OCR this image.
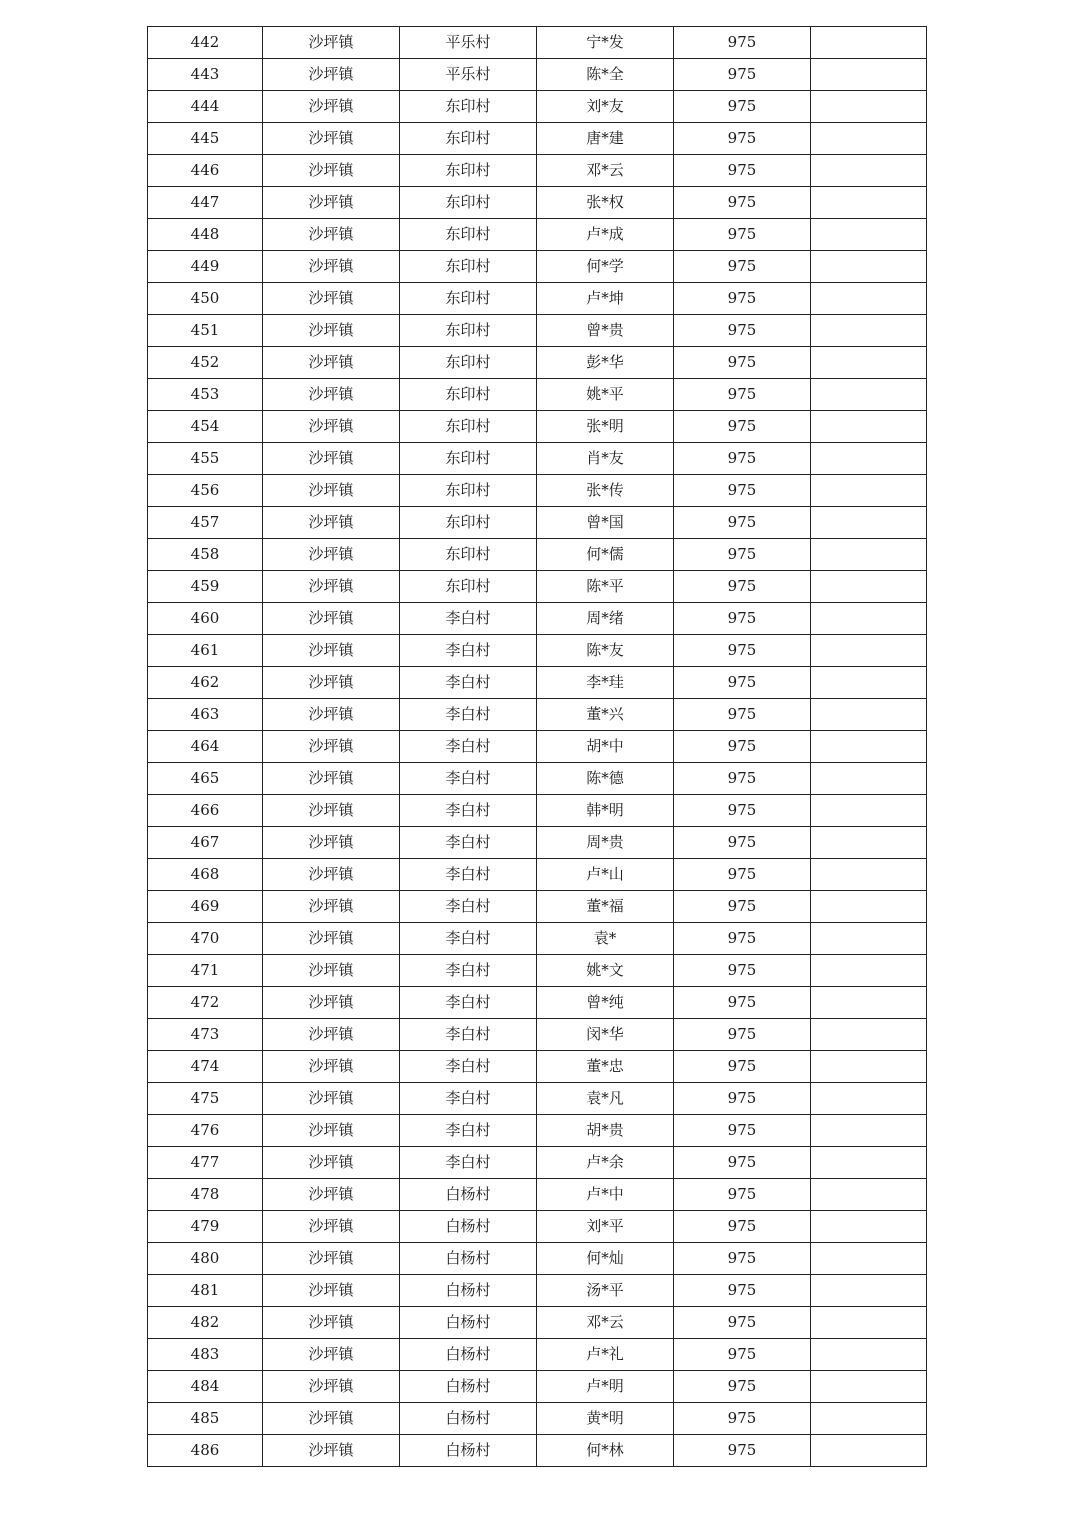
442	沙坪镇	平乐村	宁*发	975	
443	沙坪镇	平乐村	陈*全	975	
444	沙坪镇	东印村	刘*友	975	
445	沙坪镇	东印村	唐*建	975	
446	沙坪镇	东印村	邓*云	975	
447	沙坪镇	东印村	张*权	975	
448	沙坪镇	东印村	卢*成	975	
449	沙坪镇	东印村	何*学	975	
450	沙坪镇	东印村	卢*坤	975	
451	沙坪镇	东印村	曾*贵	975	
452	沙坪镇	东印村	彭*华	975	
453	沙坪镇	东印村	姚*平	975	
454	沙坪镇	东印村	张*明	975	
455	沙坪镇	东印村	肖*友	975	
456	沙坪镇	东印村	张*传	975	
457	沙坪镇	东印村	曾*国	975	
458	沙坪镇	东印村	何*儒	975	
459	沙坪镇	东印村	陈*平	975	
460	沙坪镇	李白村	周*绪	975	
461	沙坪镇	李白村	陈*友	975	
462	沙坪镇	李白村	李*珪	975	
463	沙坪镇	李白村	董*兴	975	
464	沙坪镇	李白村	胡*中	975	
465	沙坪镇	李白村	陈*德	975	
466	沙坪镇	李白村	韩*明	975	
467	沙坪镇	李白村	周*贵	975	
468	沙坪镇	李白村	卢*山	975	
469	沙坪镇	李白村	董*福	975	
470	沙坪镇	李白村	袁*	975	
471	沙坪镇	李白村	姚*文	975	
472	沙坪镇	李白村	曾*纯	975	
473	沙坪镇	李白村	闵*华	975	
474	沙坪镇	李白村	董*忠	975	
475	沙坪镇	李白村	袁*凡	975	
476	沙坪镇	李白村	胡*贵	975	
477	沙坪镇	李白村	卢*余	975	
478	沙坪镇	白杨村	卢*中	975	
479	沙坪镇	白杨村	刘*平	975	
480	沙坪镇	白杨村	何*灿	975	
481	沙坪镇	白杨村	汤*平	975	
482	沙坪镇	白杨村	邓*云	975	
483	沙坪镇	白杨村	卢*礼	975	
484	沙坪镇	白杨村	卢*明	975	
485	沙坪镇	白杨村	黄*明	975	
486	沙坪镇	白杨村	何*林	975	
